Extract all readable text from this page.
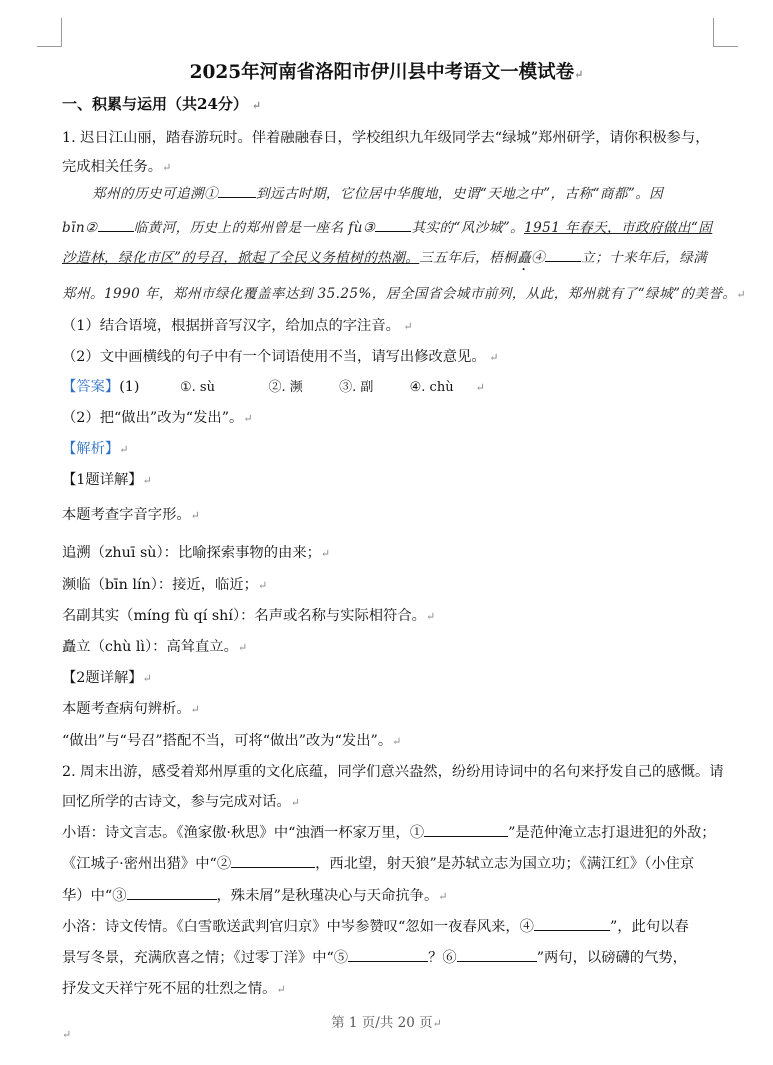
2025年河南省洛阳市伊川县中考语文一模试卷↵
一、积累与运用（共24分） ↵
1. 迟日江山丽，踏春游玩时。伴着融融春日，学校组织九年级同学去“绿城”郑州研学，请你积极参与，
完成相关任务。↵
郑州的历史可追溯①	到远古时期，它位居中华腹地，史谓“天地之中”，古称“商都”。因
bīn②	临黄河，历史上的郑州曾是一座名 fù③	其实的“风沙城”。1951 年春天，市政府做出“固
沙造林，绿化市区”的号召，掀起了全民义务植树的热潮。三五年后，梧桐矗④	立；十来年后，绿满
郑州。1990 年，郑州市绿化覆盖率达到 35.25%，居全国省会城市前列，从此，郑州就有了“绿城”的美誉。↵
（1）结合语境，根据拼音写汉字，给加点的字注音。 ↵
（2）文中画横线的句子中有一个词语使用不当，请写出修改意见。 ↵
【答案】(1)	①. sù	②. 濒	③. 副	④. chù ↵
（2）把“做出”改为“发出”。↵
【解析】↵
【1题详解】↵
本题考查字音字形。↵
追溯（zhuī sù）：比喻探索事物的由来；↵
濒临（bīn lín）：接近，临近；↵
名副其实（míng fù qí shí）：名声或名称与实际相符合。↵
矗立（chù lì）：高耸直立。↵
【2题详解】↵
本题考查病句辨析。↵
“做出”与“号召”搭配不当，可将“做出”改为“发出”。↵
2. 周末出游，感受着郑州厚重的文化底蕴，同学们意兴盎然，纷纷用诗词中的名句来抒发自己的感慨。请
回忆所学的古诗文，参与完成对话。↵
小语：诗文言志。《渔家傲·秋思》中“浊酒一杯家万里，①	”是范仲淹立志打退进犯的外敌；
《江城子·密州出猎》中“②	，西北望，射天狼”是苏轼立志为国立功；《满江红》（小住京
华）中“③	，殊未屑”是秋瑾决心与天命抗争。↵
小洛：诗文传情。《白雪歌送武判官归京》中岑参赞叹“忽如一夜春风来，④	”，此句以春
景写冬景，充满欣喜之情；《过零丁洋》中“⑤	？⑥	”两句，以磅礴的气势，
抒发文天祥宁死不屈的壮烈之情。↵
第 1 页/共 20 页↵
↵
